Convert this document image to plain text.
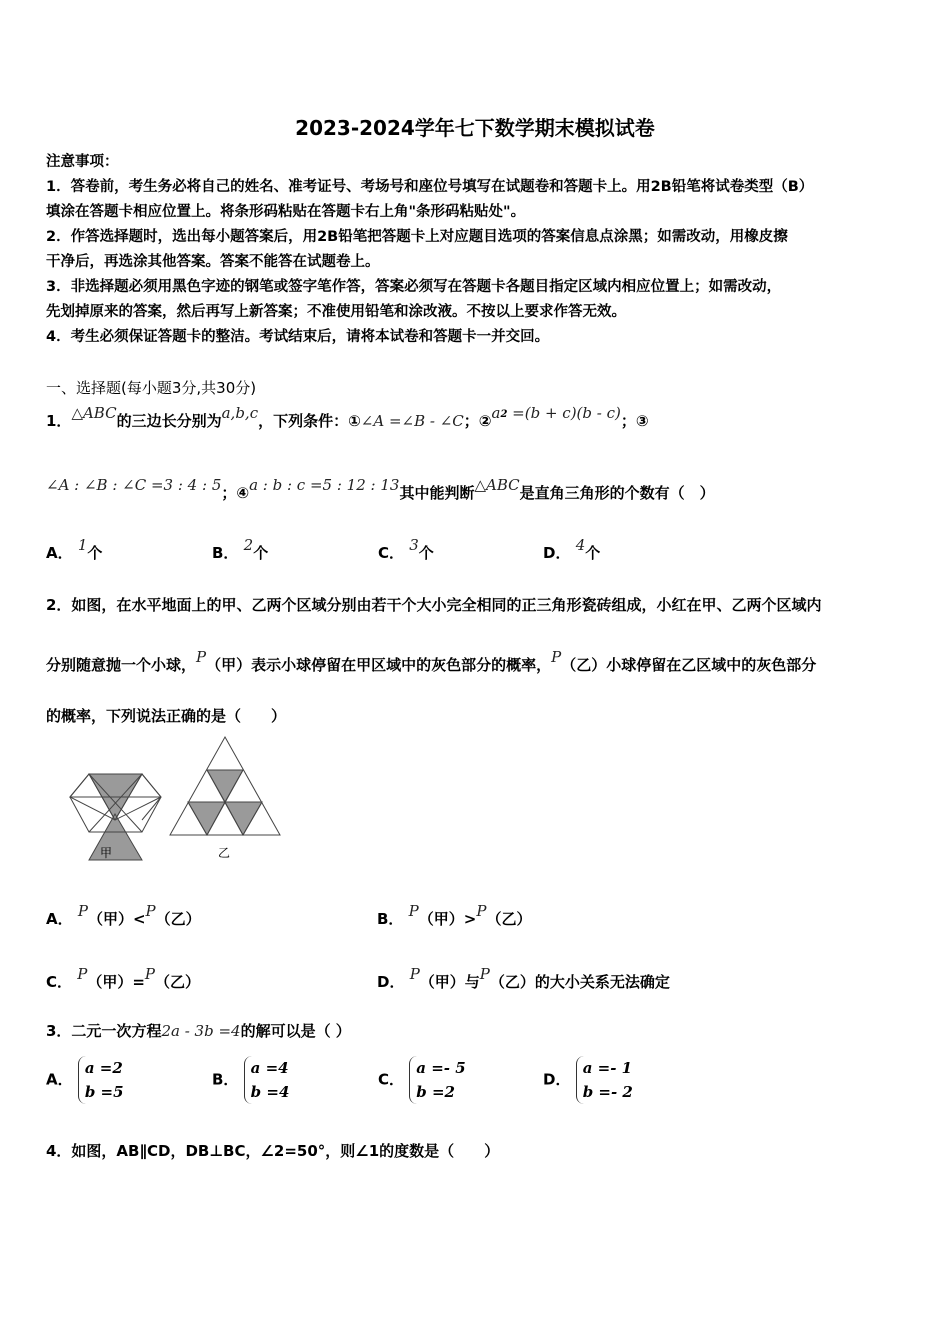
2023-2024学年七下数学期末模拟试卷
注意事项：
1．答卷前，考生务必将自己的姓名、准考证号、考场号和座位号填写在试题卷和答题卡上。用2B铅笔将试卷类型（B）
填涂在答题卡相应位置上。将条形码粘贴在答题卡右上角"条形码粘贴处"。
2．作答选择题时，选出每小题答案后，用2B铅笔把答题卡上对应题目选项的答案信息点涂黑；如需改动，用橡皮擦
干净后，再选涂其他答案。答案不能答在试题卷上。
3．非选择题必须用黑色字迹的钢笔或签字笔作答，答案必须写在答题卡各题目指定区域内相应位置上；如需改动，
先划掉原来的答案，然后再写上新答案；不准使用铅笔和涂改液。不按以上要求作答无效。
4．考生必须保证答题卡的整洁。考试结束后，请将本试卷和答题卡一并交回。
一、选择题(每小题3分,共30分)
1．△ABC的三边长分别为a,b,c，下列条件：①∠A =∠B - ∠C；$②a^2 =(b + c)(b - c)$；③
∠A : ∠B : ∠C =3 : 4 : 5；④a : b : c =5 : 12 : 13其中能判断△ABC是直角三角形的个数有（　）
A． 1个	B． 2个	C． 3个	D． 4个
2．如图，在水平地面上的甲、乙两个区域分别由若干个大小完全相同的正三角形瓷砖组成，小红在甲、乙两个区域内
分别随意抛一个小球，P（甲）表示小球停留在甲区域中的灰色部分的概率，P（乙）小球停留在乙区域中的灰色部分
的概率，下列说法正确的是（　　）
甲	乙
A． P（甲）<P（乙）	B． P（甲）>P（乙）
C． P（甲）=P（乙）	D． P（甲）与P（乙）的大小关系无法确定
3．二元一次方程2a - 3b =4的解可以是（ ）
A． a =2
b =5
B． a =4
b =4
C． a =- 5
b =2
D． a =- 1
b =- 2
4．如图，AB∥CD，DB⊥BC，∠2=50°，则∠1的度数是（　　）
